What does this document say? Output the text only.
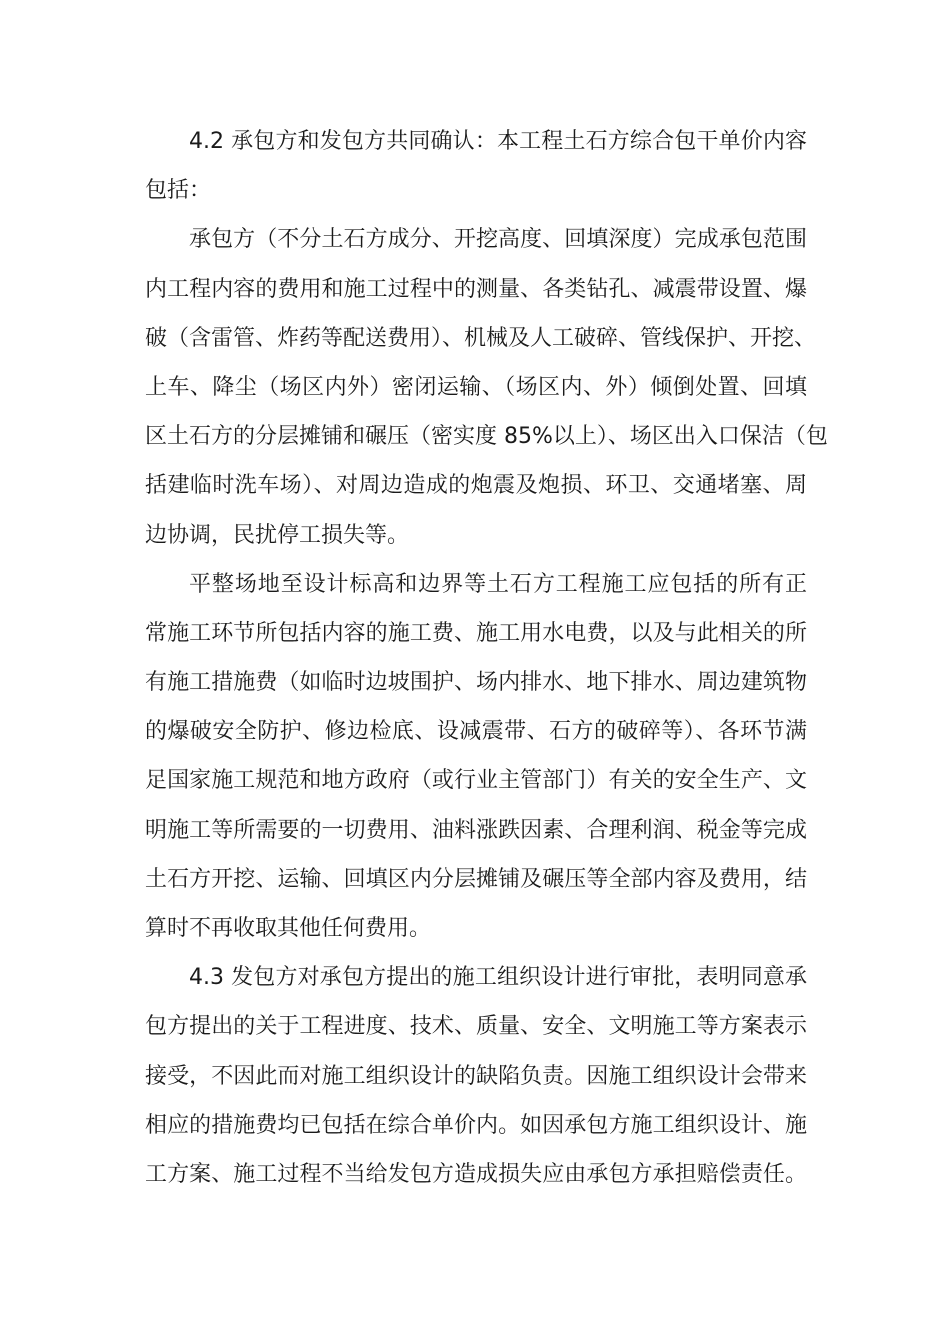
4.2 承包方和发包方共同确认：本工程土石方综合包干单价内容
包括：
承包方（不分土石方成分、开挖高度、回填深度）完成承包范围
内工程内容的费用和施工过程中的测量、各类钻孔、减震带设置、爆
破（含雷管、炸药等配送费用）、机械及人工破碎、管线保护、开挖、
上车、降尘（场区内外）密闭运输、（场区内、外）倾倒处置、回填
区土石方的分层摊铺和碾压（密实度 85%以上）、场区出入口保洁（包
括建临时洗车场）、对周边造成的炮震及炮损、环卫、交通堵塞、周
边协调，民扰停工损失等。
平整场地至设计标高和边界等土石方工程施工应包括的所有正
常施工环节所包括内容的施工费、施工用水电费，以及与此相关的所
有施工措施费（如临时边坡围护、场内排水、地下排水、周边建筑物
的爆破安全防护、修边检底、设减震带、石方的破碎等）、各环节满
足国家施工规范和地方政府（或行业主管部门）有关的安全生产、文
明施工等所需要的一切费用、油料涨跌因素、合理利润、税金等完成
土石方开挖、运输、回填区内分层摊铺及碾压等全部内容及费用，结
算时不再收取其他任何费用。
4.3 发包方对承包方提出的施工组织设计进行审批，表明同意承
包方提出的关于工程进度、技术、质量、安全、文明施工等方案表示
接受，不因此而对施工组织设计的缺陷负责。因施工组织设计会带来
相应的措施费均已包括在综合单价内。如因承包方施工组织设计、施
工方案、施工过程不当给发包方造成损失应由承包方承担赔偿责任。
